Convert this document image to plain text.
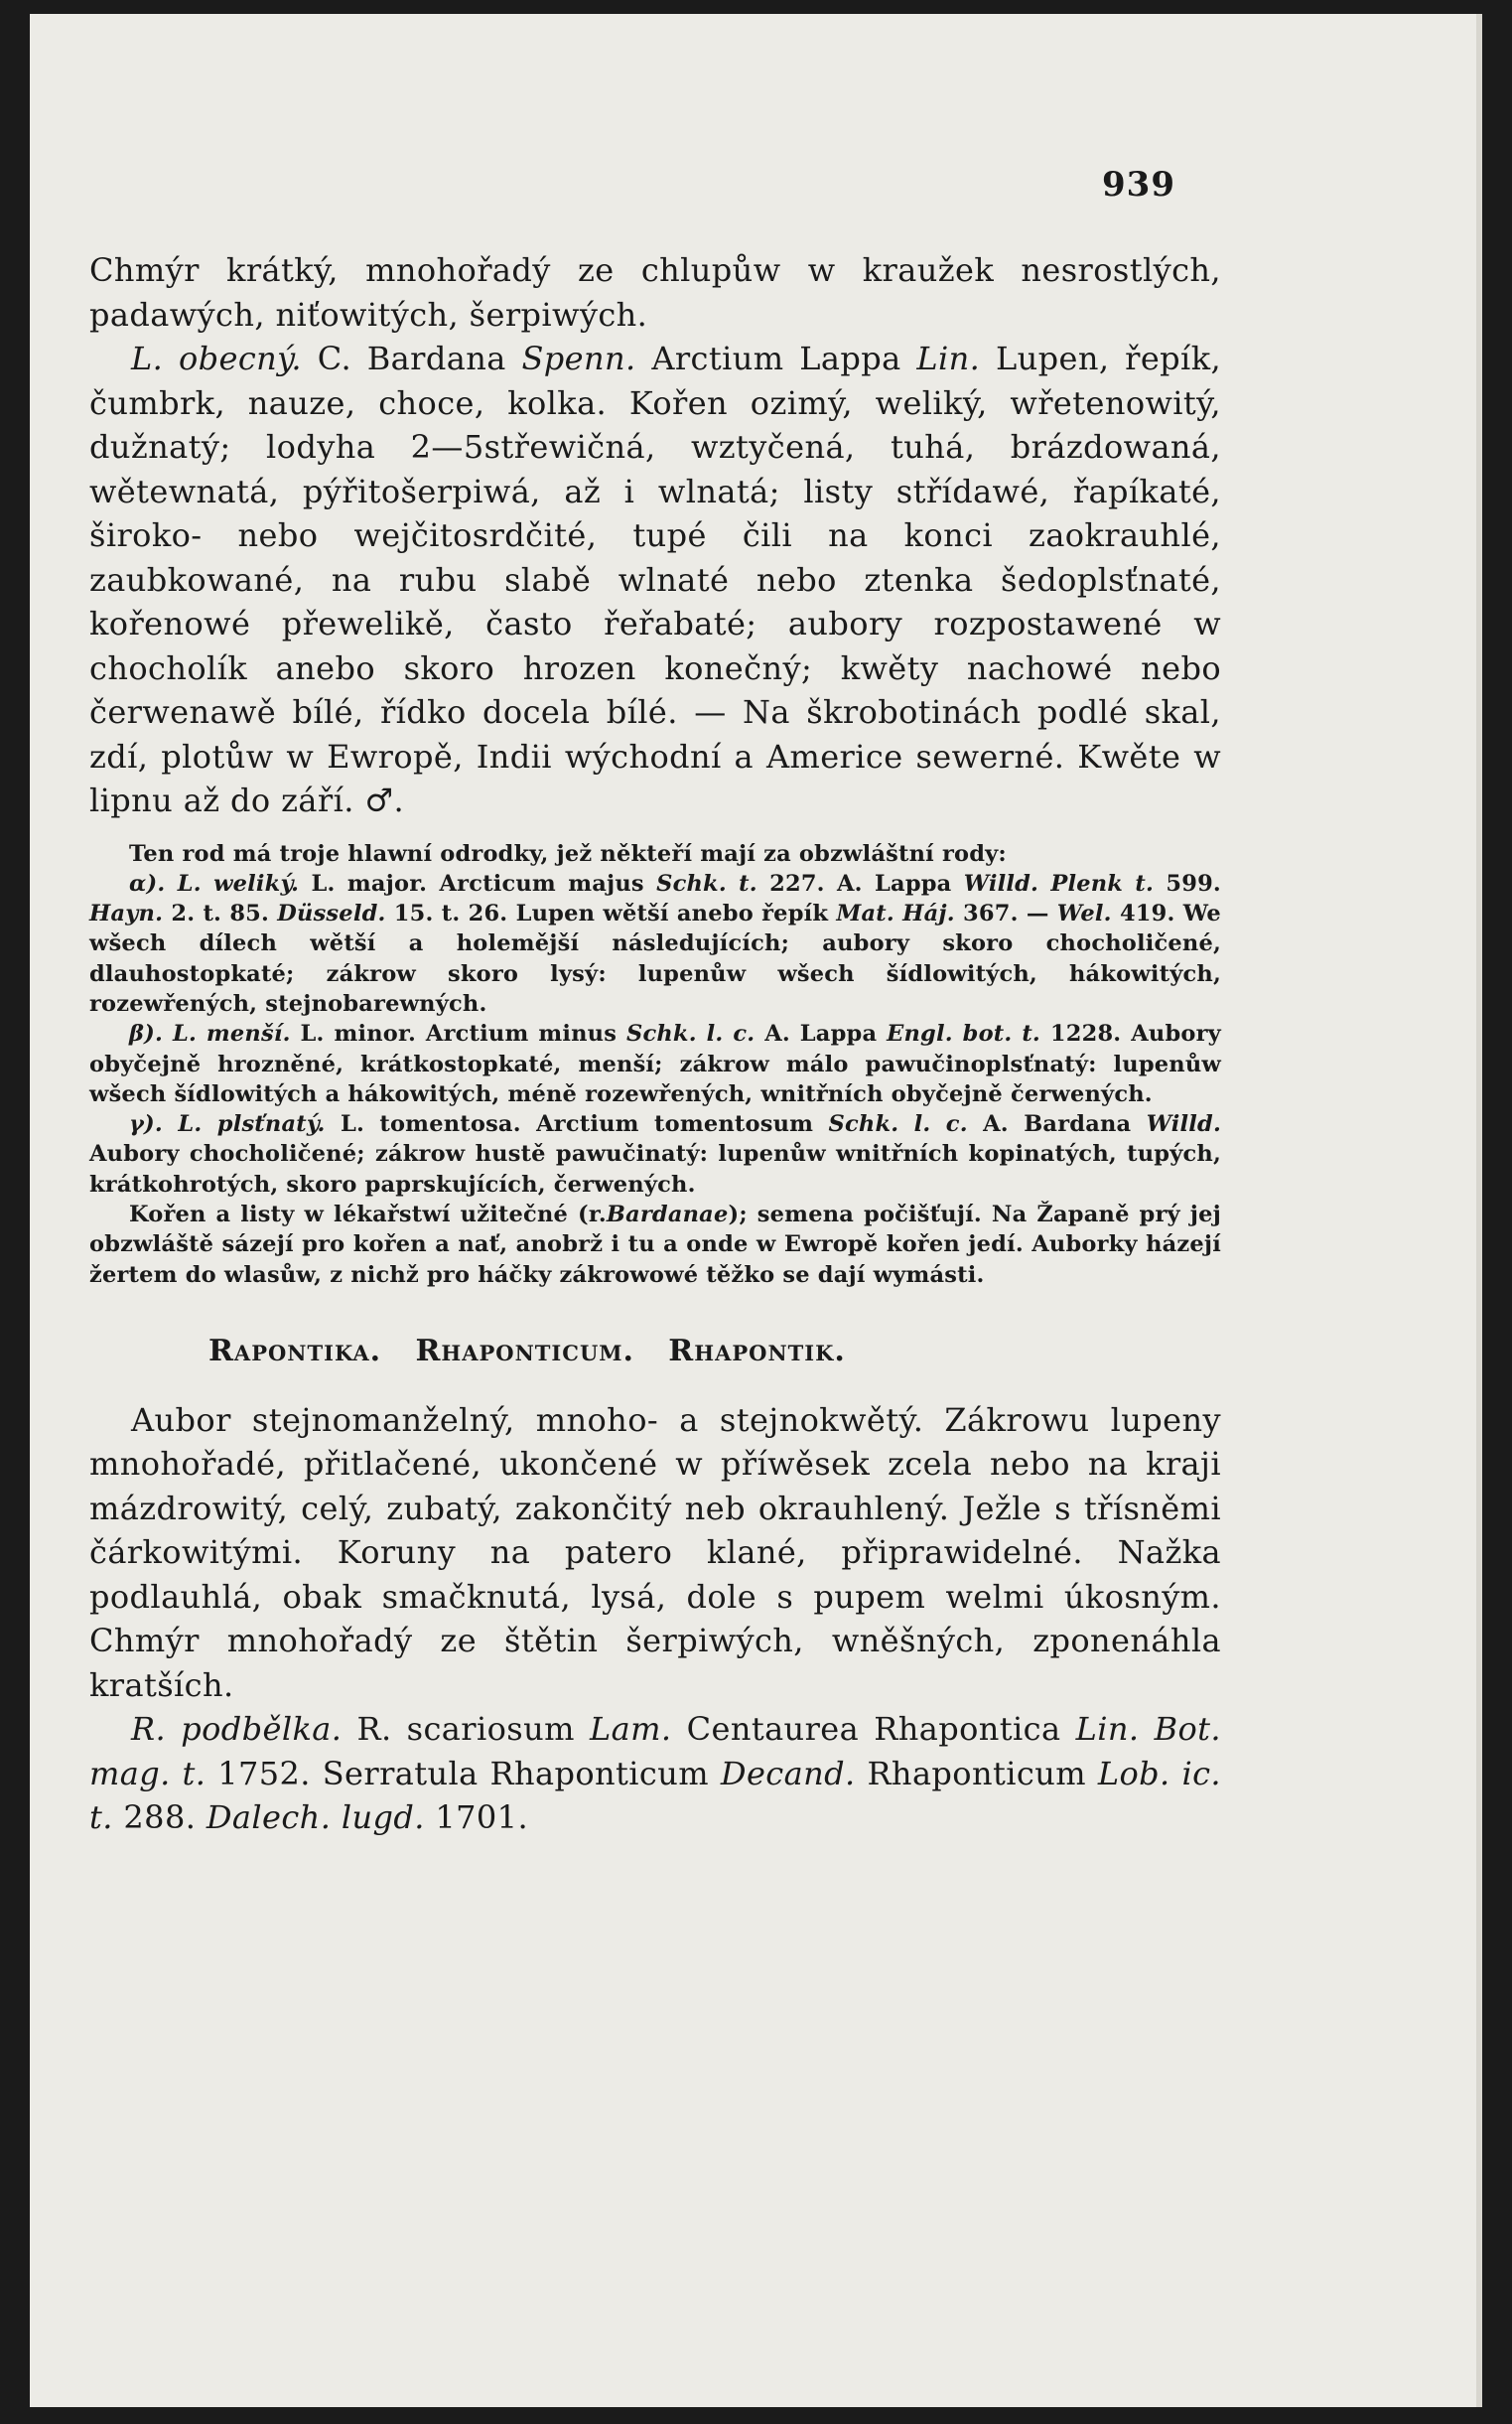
939

Chmýr krátký, mnohořadý ze chlupůw w kraužek nesrostlých, padawých, niťowitých, šerpiwých.

L. obecný. C. Bardana Spenn. Arctium Lappa Lin. Lupen, řepík, čumbrk, nauze, choce, kolka. Kořen ozimý, weliký, wřetenowitý, dužnatý; lodyha 2—5střewičná, wztyčená, tuhá, brázdowaná, wětewnatá, pýřitošerpiwá, až i wlnatá; listy střídawé, řapíkaté, široko- nebo wejčitosrdčité, tupé čili na konci zaokrauhlé, zaubkowané, na rubu slabě wlnaté nebo ztenka šedoplsťnaté, kořenowé přewelikě, často řeřabaté; aubory rozpostawené w chocholík anebo skoro hrozen konečný; kwěty nachowé nebo čerwenawě bílé, řídko docela bílé. — Na škrobotinách podlé skal, zdí, plotůw w Ewropě, Indii wýchodní a Americe sewerné. Kwěte w lipnu až do září. ♂.

Ten rod má troje hlawní odrodky, jež někteří mají za obzwláštní rody:

α). L. weliký. L. major. Arcticum majus Schk. t. 227. A. Lappa Willd. Plenk t. 599. Hayn. 2. t. 85. Düsseld. 15. t. 26. Lupen wětší anebo řepík Mat. Háj. 367. — Wel. 419. We wšech dílech wětší a holemější následujících; aubory skoro chocholičené, dlauhostopkaté; zákrow skoro lysý: lupenůw wšech šídlowitých, hákowitých, rozewřených, stejnobarewných.

β). L. menší. L. minor. Arctium minus Schk. l. c. A. Lappa Engl. bot. t. 1228. Aubory obyčejně hrozněné, krátkostopkaté, menší; zákrow málo pawučinoplsťnatý: lupenůw wšech šídlowitých a hákowitých, méně rozewřených, wnitřních obyčejně čerwených.

γ). L. plsťnatý. L. tomentosa. Arctium tomentosum Schk. l. c. A. Bardana Willd. Aubory chocholičené; zákrow hustě pawučinatý: lupenůw wnitřních kopinatých, tupých, krátkohrotých, skoro paprskujících, čerwených.

Kořen a listy w lékařstwí užitečné (r.Bardanae); semena počišťují. Na Žapaně prý jej obzwláště sázejí pro kořen a nať, anobrž i tu a onde w Ewropě kořen jedí. Auborky házejí žertem do wlasůw, z nichž pro háčky zákrowowé těžko se dají wymásti.

Rapontika. Rhaponticum. Rhapontik.

Aubor stejnomanželný, mnoho- a stejnokwětý. Zákrowu lupeny mnohořadé, přitlačené, ukončené w příwěsek zcela nebo na kraji mázdrowitý, celý, zubatý, zakončitý neb okrauhlený. Ježle s třísněmi čárkowitými. Koruny na patero klané, připrawidelné. Nažka podlauhlá, obak smačknutá, lysá, dole s pupem welmi úkosným. Chmýr mnohořadý ze štětin šerpiwých, wněšných, zponenáhla kratších.

R. podbělka. R. scariosum Lam. Centaurea Rhapontica Lin. Bot. mag. t. 1752. Serratula Rhaponticum Decand. Rhaponticum Lob. ic. t. 288. Dalech. lugd. 1701.
